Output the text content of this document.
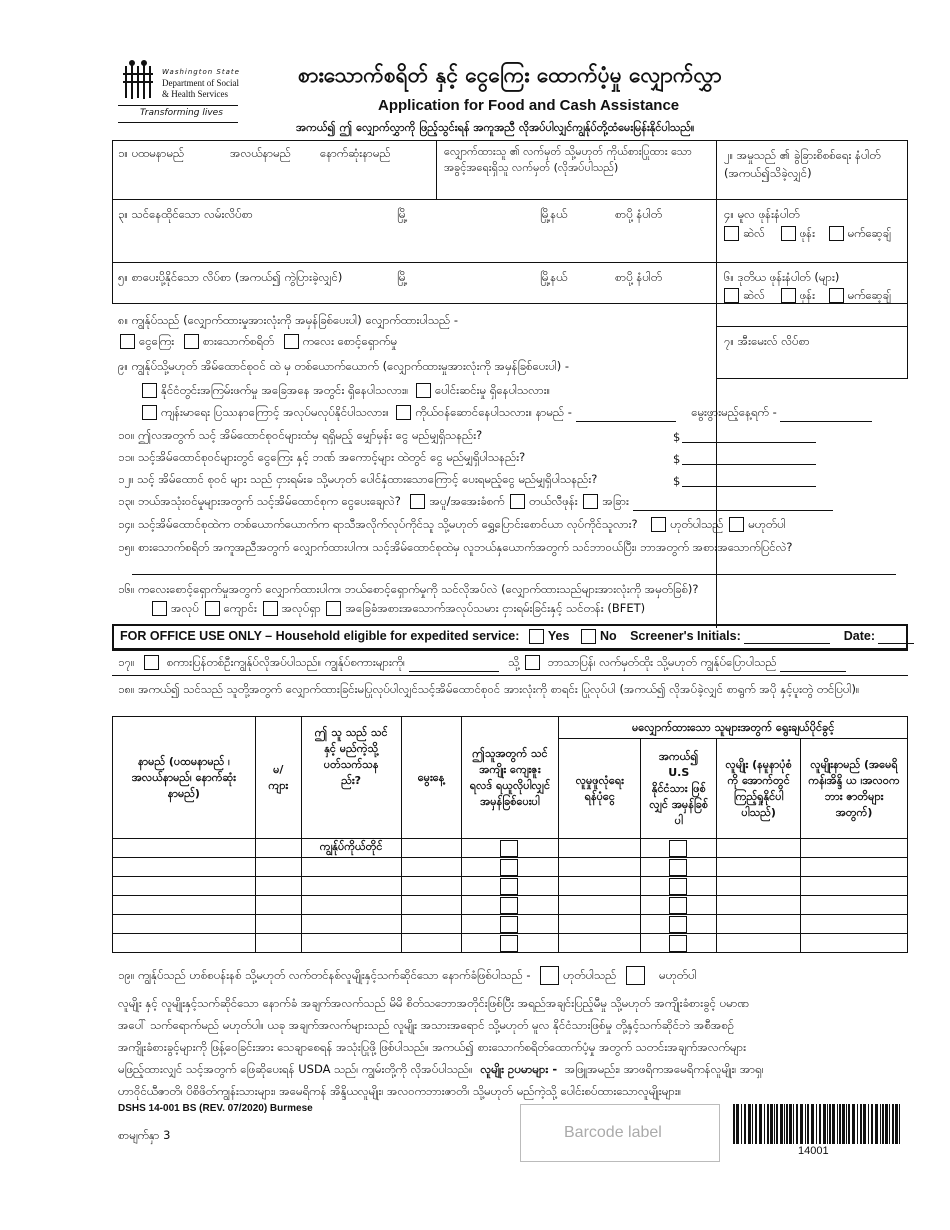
Washington State
Department of Social
& Health Services
Transforming lives
စားသောက်စရိတ် နှင့် ငွေကြေး ထောက်ပံ့မှု လျှောက်လွှာ
Application for Food and Cash Assistance
အကယ်၍ ဤ လျှောက်လွှာကို ဖြည့်သွင်းရန် အကူအညီ လိုအပ်ပါလျှင်ကျွန်ုပ်တို့ထံမေးမြန်းနိုင်ပါသည်။
၁။ ပထမနာမည်	အလယ်နာမည်	နောက်ဆုံးနာမည်	လျှောက်ထားသူ ၏ လက်မှတ် သို့မဟုတ် ကိုယ်စားပြုထား သော အခွင့်အရေးရှိသူ လက်မှတ် (လိုအပ်ပါသည်)
၂။ အမှုသည် ၏ ခွဲခြားစိစစ်ရေး နံပါတ် (အကယ်၍သိခဲ့လျှင်)
၃။ သင်နေထိုင်သော လမ်းလိပ်စာ	မြို့	မြို့နယ်	စာပို့ နံပါတ်	၄။ မူလ ဖုန်းနံပါတ်
ဆဲလ်	ဖုန်း	မက်ဆေ့ချ်
၅။ စာပေးပို့နိုင်သော လိပ်စာ (အကယ်၍ ကွဲပြားခဲ့လျှင်)	မြို့	မြို့နယ်	စာပို့ နံပါတ်	၆။ ဒုတိယ ဖုန်းနံပါတ် (များ)
ဆဲလ်	ဖုန်း	မက်ဆေ့ချ်
၈။ ကျွန်ုပ်သည် (လျှောက်ထားမှုအားလုံးကို အမှန်ခြစ်ပေးပါ) လျှောက်ထားပါသည် -
ငွေကြေး စားသောက်စရိတ် ကလေး စောင့်ရှောက်မှု	၇။ အီးမေးလ် လိပ်စာ
၉။ ကျွန်ုပ်သို့မဟုတ် အိမ်ထောင်စုဝင် ထဲ မှ တစ်ယောက်ယောက် (လျှောက်ထားမှုအားလုံးကို အမှန်ခြစ်ပေးပါ) -
နိုင်ငံတွင်းအကြမ်းဖက်မှု အခြေအနေ အတွင်း ရှိနေပါသလား။ ပေါင်းဆင်းမှု ရှိနေပါသလား။
ကျန်းမာရေး ပြဿနာကြောင့် အလုပ်မလုပ်နိုင်ပါသလား။ ကိုယ်ဝန်ဆောင်နေပါသလား။ နာမည် -	မွေးဖွားမည့်နေ့ရက် -
၁၀။ ဤလအတွက် သင့် အိမ်ထောင်စုဝင်များထံမှ ရရှိမည့် မျှော်မှန်း ငွေ မည်မျှရှိသနည်း?	$
၁၁။ သင့်အိမ်ထောင်စုဝင်များတွင် ငွေကြေး နှင့် ဘဏ် အကောင့်များ ထဲတွင် ငွေ မည်မျှရှိပါသနည်း?	$
၁၂။ သင့် အိမ်ထောင် စုဝင် များ သည် ငှားရမ်းခ သို့မဟုတ် ပေါင်နှံထားသောကြောင့် ပေးရမည့်ငွေ မည်မျှရှိပါသနည်း?	$
၁၃။ ဘယ်အသုံးဝင်မှုများအတွက် သင့်အိမ်ထောင်စုက ငွေပေးချေလဲ? အပူ/အအေးခံစက် တယ်လီဖုန်း အခြား
၁၄။ သင့်အိမ်ထောင်စုထဲက တစ်ယောက်ယောက်က ရာသီအလိုက်လုပ်ကိုင်သူ သို့မဟုတ် ရွှေ့ပြောင်းစောင်ယာ လုပ်ကိုင်သူလား?	ဟုတ်ပါသည် မဟုတ်ပါ
၁၅။ စားသောက်စရိတ် အကူအညီအတွက် လျှောက်ထားပါက၊ သင့်အိမ်ထောင်စုထဲမှ လူဘယ်နှယောက်အတွက် သင်ဘာဝယ်ပြီး၊ ဘာအတွက် အစားအသောက်ပြင်လဲ?
၁၆။ ကလေးစောင့်ရှောက်မှုအတွက် လျှောက်ထားပါက၊ ဘယ်စောင့်ရှောက်မှုကို သင်လိုအပ်လဲ (လျှောက်ထားသည်များအားလုံးကို အမှတ်ခြစ်)?
အလုပ် ကျောင်း အလုပ်ရှာ အခြေခံအစားအသောက်အလုပ်သမား ငှားရမ်းခြင်းနှင့် သင်တန်း (BFET)
FOR OFFICE USE ONLY – Household eligible for expedited service: Yes No Screener's Initials:	Date:
၁၇။	စကားပြန်တစ်ဦးကျွန်ုပ်လိုအပ်ပါသည်။ ကျွန်ုပ်စကားများကို၊	သို့ ဘာသာပြန်၊ လက်မှတ်ထိုး သို့မဟုတ် ကျွန်ုပ်ပြောပါသည်
၁၈။ အကယ်၍ သင်သည် သူတို့အတွက် လျှောက်ထားခြင်းမပြုလုပ်ပါလျှင်သင့်အိမ်ထောင်စုဝင် အားလုံးကို စာရင်း ပြုလုပ်ပါ (အကယ်၍ လိုအပ်ခဲ့လျှင် စာရွက် အပို နှင့်ပူးတွဲ တင်ပြပါ)။
နာမည် (ပထမနာမည် ၊အလယ်နာမည်၊ နောက်ဆုံးနာမည်)	မ/ ကျား	ဤ သူ သည် သင်နှင့် မည်ကဲ့သို့ ပတ်သက်သန ည်း?	မွေးနေ့	ဤသူအတွက် သင် အကျိုး ကျေးဇူး ရလဒ် ရယူလိုပါလျှင် အမှန်ခြစ်ပေးပါ	မလျှောက်ထားသော သူများအတွက် ရွေးချယ်ပိုင်ခွင့်			

					လူမှုဖူလုံရေး ရန်ပုံငွေ	အကယ်၍ U.S နိုင်ငံသား ဖြစ်လျှင် အမှန်ခြစ်ပါ	လူမျိုး (နမူနာပုံစံကို အောက်တွင် ကြည့်ရှုနိုင်ပါ ပါသည်)	လူမျိုးနာမည် (အမေရိကန်၊အိန္ဒိ ယ ၊အလဝကဘား ဇာတိများ အတွက်)

		ကျွန်ုပ်ကိုယ်တိုင်						

၁၉။ ကျွန်ုပ်သည် ဟစ်စပန်းနစ် သို့မဟုတ် လက်တင်နစ်လူမျိုးနှင့်သက်ဆိုင်သော နောက်ခံဖြစ်ပါသည် -	ဟုတ်ပါသည်	မဟုတ်ပါ
လူမျိုး နှင့် လူမျိုးနှင့်သက်ဆိုင်သော နောက်ခံ အချက်အလက်သည် မိမိ စိတ်သဘောအတိုင်းဖြစ်ပြီး အရည်အချင်းပြည့်မီမှု သို့မဟုတ် အကျိုးခံစားခွင့် ပမာဏ
အပေါ် သက်ရောက်မည် မဟုတ်ပါ။ ယခု အချက်အလက်များသည် လူမျိုး အသားအရောင် သို့မဟုတ် မူလ နိုင်ငံသားဖြစ်မှု တို့နှင့်သက်ဆိုင်ဘဲ အစီအစဉ်
အကျိုးခံစားခွင့်များကို ဖြန့်ဝေခြင်းအား သေချာစေရန် အသုံးပြုဖို့ ဖြစ်ပါသည်။ အကယ်၍ စားသောက်စရိတ်ထောက်ပံ့မှု အတွက် သတင်းအချက်အလက်များ
မဖြည့်ထားလျှင် သင့်အတွက် ဖြေဆိုပေးရန် USDA သည်၊ ကျွမ်းတို့ကို လိုအပ်ပါသည်။ လူမျိုး ဥပမာများ - အဖြူအမည်း၊ အာဖရိကအမေရိကန်လူမျိုး၊ အာရှ၊
ဟာဝိုင်ယီဇာတိ၊ ပိစိဖိတ်ကျွန်းသားများ၊ အမေရိကန် အိန္ဒိယလူမျိုး၊ အလဝကဘားဇာတိ၊ သို့မဟုတ် မည်ကဲ့သို့ ပေါင်းစပ်ထားသောလူမျိုးများ။
DSHS 14-001 BS (REV. 07/2020) Burmese
စာမျက်နှာ 3	Barcode label
14001
